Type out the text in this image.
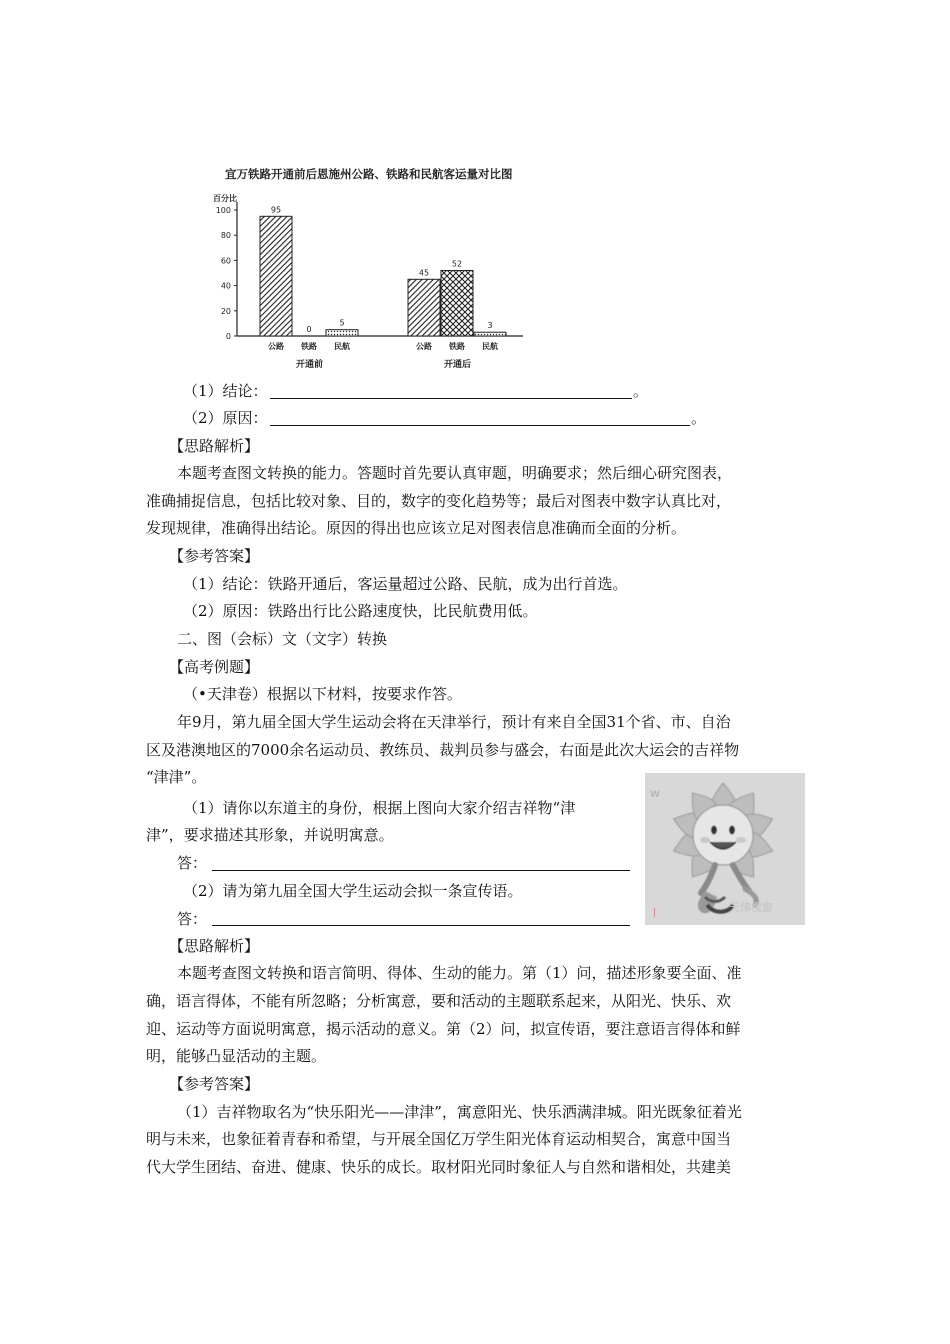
宜万铁路开通前后恩施州公路、铁路和民航客运量对比图
百分比
0
20
40
60
80
100	95
公路
0
铁路
5
民航
开通前
45
公路
52
铁路
3
民航
开通后
（1）结论：	。
（2）原因：	。
【思路解析】
本题考查图文转换的能力。答题时首先要认真审题，明确要求；然后细心研究图表，
准确捕捉信息，包括比较对象、目的，数字的变化趋势等；最后对图表中数字认真比对，
发现规律，准确得出结论。原因的得出也应该立足对图表信息准确而全面的分析。
【参考答案】
（1）结论：铁路开通后，客运量超过公路、民航，成为出行首选。
（2）原因：铁路出行比公路速度快，比民航费用低。
二、图（会标）文（文字）转换
【高考例题】
（•天津卷）根据以下材料，按要求作答。
年9月，第九届全国大学生运动会将在天津举行，预计有来自全国31个省、市、自治
区及港澳地区的7000余名运动员、教练员、裁判员参与盛会，右面是此次大运会的吉祥物
“津津”。
（1）请你以东道主的身份，根据上图向大家介绍吉祥物“津
津”，要求描述其形象，并说明寓意。
答：
（2）请为第九届全国大学生运动会拟一条宣传语。
答：
W
|	天津视窗
【思路解析】
本题考查图文转换和语言简明、得体、生动的能力。第（1）问，描述形象要全面、准
确，语言得体，不能有所忽略；分析寓意，要和活动的主题联系起来，从阳光、快乐、欢
迎、运动等方面说明寓意，揭示活动的意义。第（2）问，拟宣传语，要注意语言得体和鲜
明，能够凸显活动的主题。
【参考答案】
（1）吉祥物取名为“快乐阳光——津津”，寓意阳光、快乐洒满津城。阳光既象征着光
明与未来，也象征着青春和希望，与开展全国亿万学生阳光体育运动相契合，寓意中国当
代大学生团结、奋进、健康、快乐的成长。取材阳光同时象征人与自然和谐相处，共建美
